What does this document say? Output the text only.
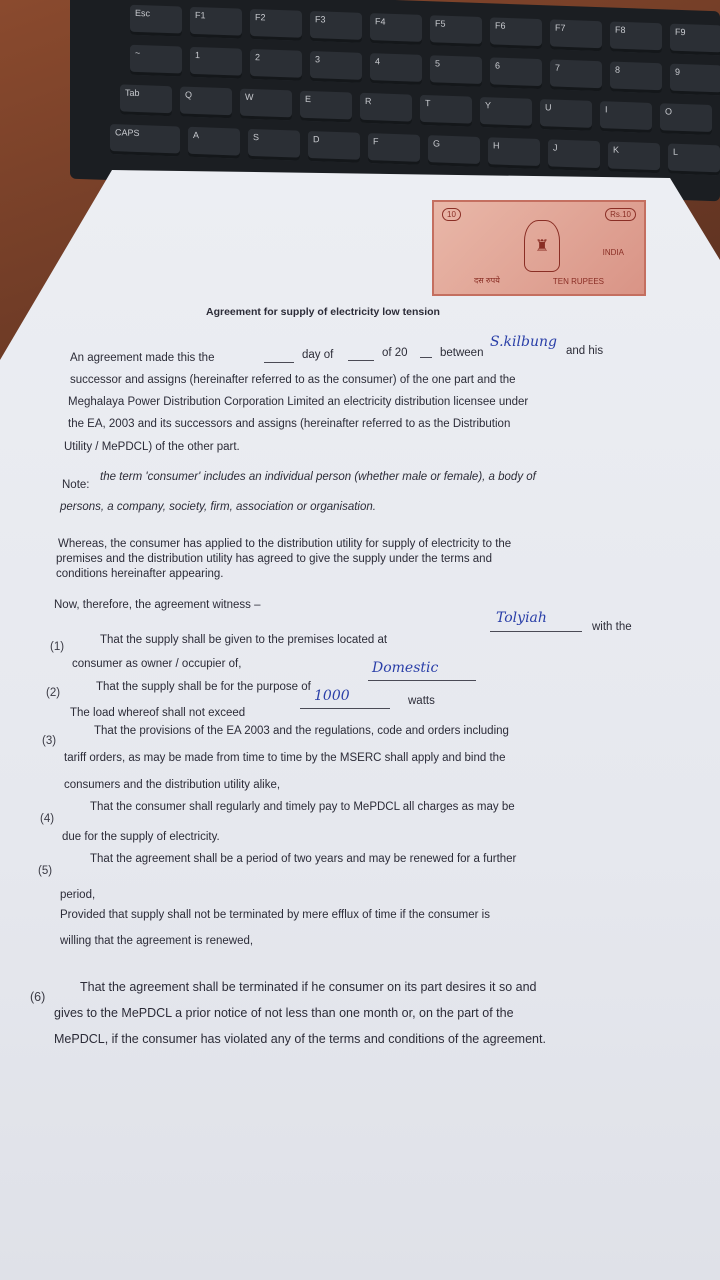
Esc	F1	F2	F3	F4	F5	F6	F7	F8	F9
~	1	2	3	4	5	6	7	8	9
Tab	Q	W	E	R	T	Y	U	I	O
CAPS	A	S	D	F	G	H	J	K	L
10	Rs.10
♜	INDIA
दस रुपये	TEN RUPEES
Agreement for supply of electricity low tension
An agreement made this the	day of	of 20	between
S.kilbung
and his
successor and assigns (hereinafter referred to as the consumer) of the one part and the
Meghalaya Power Distribution Corporation Limited an electricity distribution licensee under
the EA, 2003 and its successors and assigns (hereinafter referred to as the Distribution
Utility / MePDCL) of the other part.
Note:
the term 'consumer' includes an individual person (whether male or female), a body of
persons, a company, society, firm, association or organisation.
Whereas, the consumer has applied to the distribution utility for supply of electricity to the
premises and the distribution utility has agreed to give the supply under the terms and
conditions hereinafter appearing.
Now, therefore, the agreement witness –
(1)
That the supply shall be given to the premises located at
Tolyiah
with the
consumer as owner / occupier of,
(2)	That the supply shall be for the purpose of
Domestic
The load whereof shall not exceed
1000	watts
(3)
That the provisions of the EA 2003 and the regulations, code and orders including
tariff orders, as may be made from time to time by the MSERC shall apply and bind the
consumers and the distribution utility alike,
(4)
That the consumer shall regularly and timely pay to MePDCL all charges as may be
due for the supply of electricity.
(5)
That the agreement shall be a period of two years and may be renewed for a further
period,
Provided that supply shall not be terminated by mere efflux of time if the consumer is
willing that the agreement is renewed,
(6)
That the agreement shall be terminated if he consumer on its part desires it so and
gives to the MePDCL a prior notice of not less than one month or, on the part of the
MePDCL, if the consumer has violated any of the terms and conditions of the agreement.
